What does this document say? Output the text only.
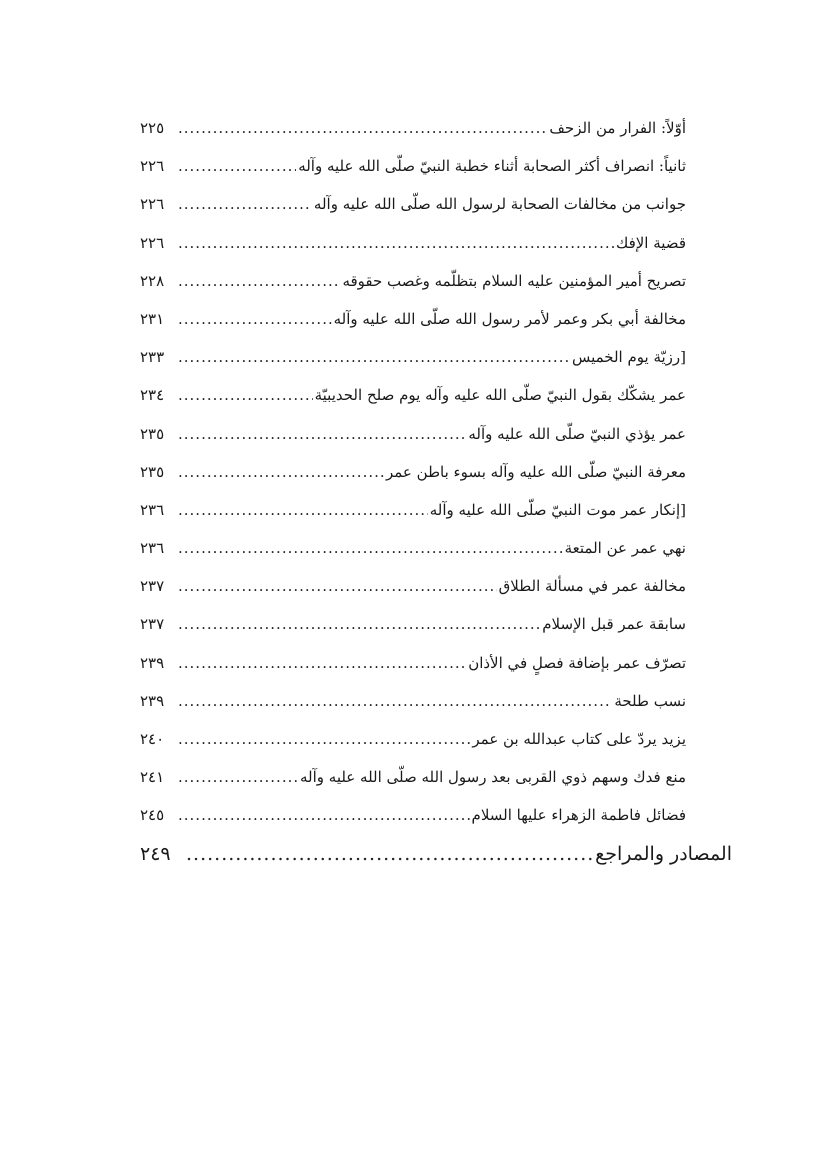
أوّلاً: الفرار من الزحف
.....
٢٢٥
ثانياً: انصراف أكثر الصحابة أثناء خطبة النبيّ صلّى الله عليه وآله
.....
٢٢٦
جوانب من مخالفات الصحابة لرسول الله صلّى الله عليه وآله
.....
٢٢٦
قضية الإفك
.....
٢٢٦
تصريح أمير المؤمنين عليه السلام بتظلّمه وغصب حقوقه
.....
٢٢٨
مخالفة أبي بكر وعمر لأمر رسول الله صلّى الله عليه وآله
.....
٢٣١
[رزيّة يوم الخميس
.....
٢٣٣
عمر يشكّك بقول النبيّ صلّى الله عليه وآله يوم صلح الحديبيّة
.....
٢٣٤
عمر يؤذي النبيّ صلّى الله عليه وآله
.....
٢٣٥
معرفة النبيّ صلّى الله عليه وآله بسوء باطن عمر
.....
٢٣٥
[إنكار عمر موت النبيّ صلّى الله عليه وآله
.....
٢٣٦
نهي عمر عن المتعة
.....
٢٣٦
مخالفة عمر في مسألة الطلاق
.....
٢٣٧
سابقة عمر قبل الإسلام
.....
٢٣٧
تصرّف عمر بإضافة فصلٍ في الأذان
.....
٢٣٩
نسب طلحة
.....
٢٣٩
يزيد يردّ على كتاب عبدالله بن عمر
.....
٢٤٠
منع فدك وسهم ذوي القربى بعد رسول الله صلّى الله عليه وآله
.....
٢٤١
فضائل فاطمة الزهراء عليها السلام
.....
٢٤٥
المصادر والمراجع
.....
٢٤٩
